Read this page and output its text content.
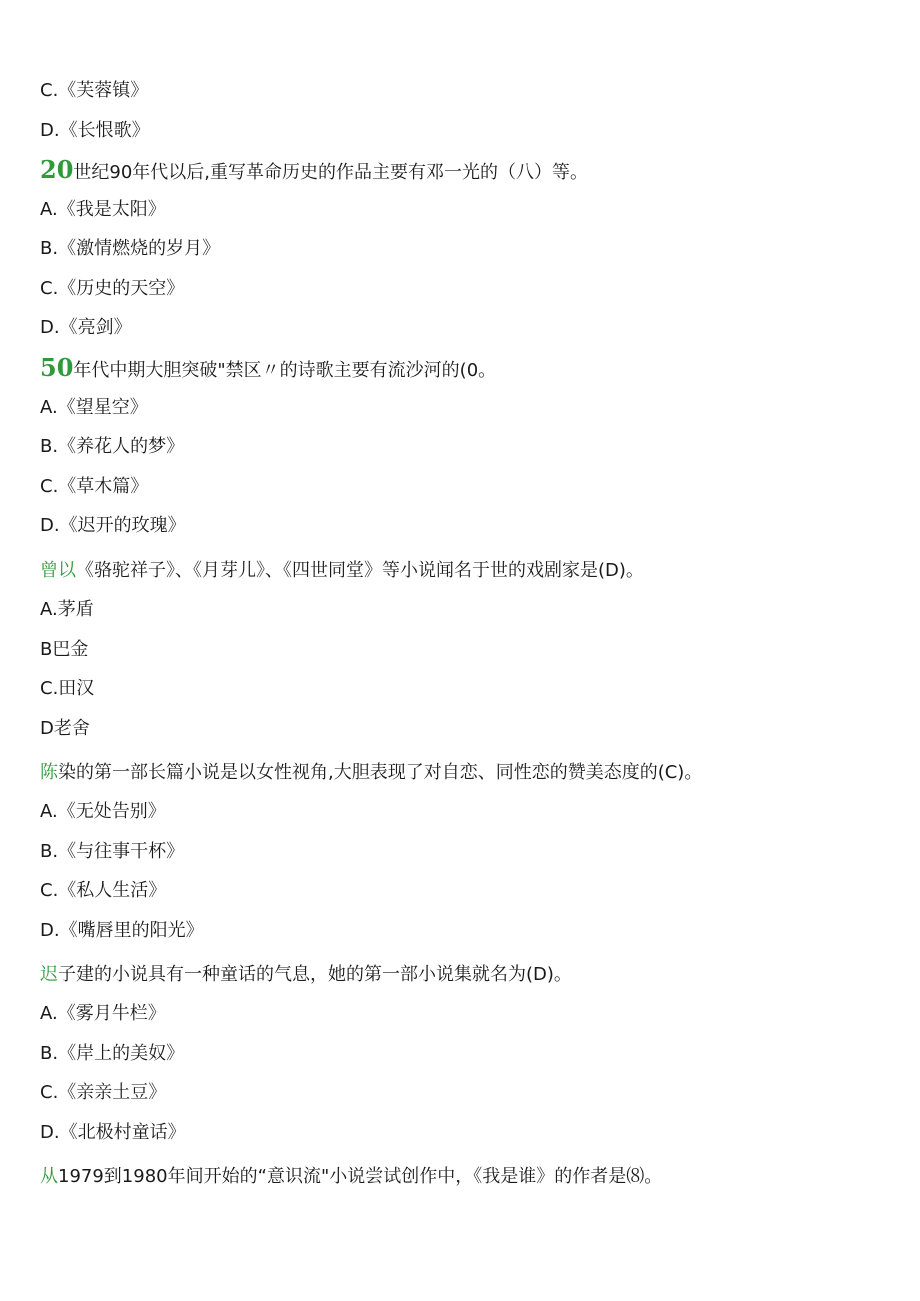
C.《芙蓉镇》
D.《长恨歌》
20世纪90年代以后,重写革命历史的作品主要有邓一光的（八）等。
A.《我是太阳》
B.《激情燃烧的岁月》
C.《历史的天空》
D.《亮剑》
50年代中期大胆突破"禁区〃的诗歌主要有流沙河的(0。
A.《望星空》
B.《养花人的梦》
C.《草木篇》
D.《迟开的玫瑰》
曾以《骆驼祥子》、《月芽儿》、《四世同堂》等小说闻名于世的戏剧家是(D)。
A.茅盾
B巴金
C.田汉
D老舍
陈染的第一部长篇小说是以女性视角,大胆表现了对自恋、同性恋的赞美态度的(C)。
A.《无处告别》
B.《与往事干杯》
C.《私人生活》
D.《嘴唇里的阳光》
迟子建的小说具有一种童话的气息，她的第一部小说集就名为(D)。
A.《雾月牛栏》
B.《岸上的美奴》
C.《亲亲土豆》
D.《北极村童话》
从1979到1980年间开始的“意识流"小说尝试创作中，《我是谁》的作者是⑻。
